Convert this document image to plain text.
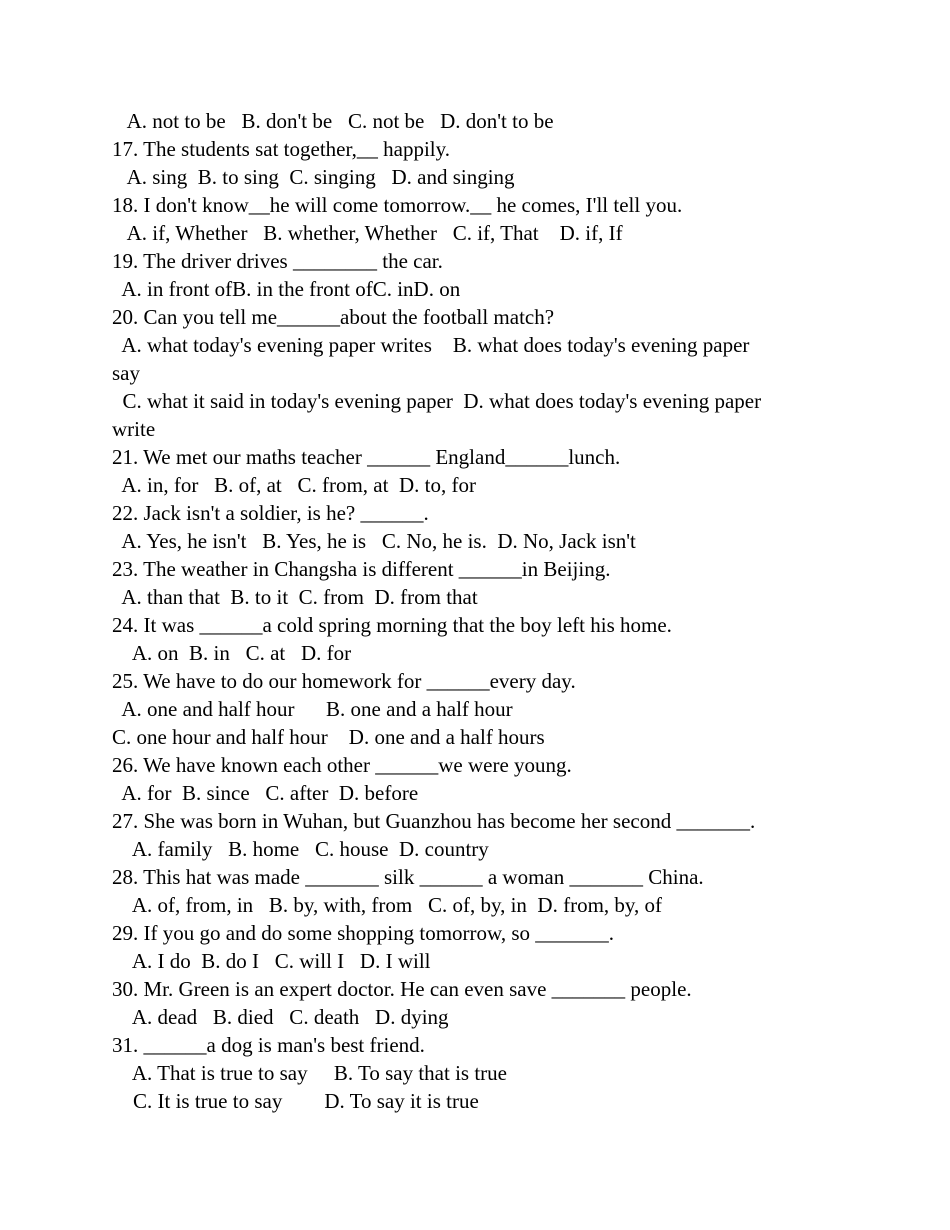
A. not to be   B. don't be   C. not be   D. don't to be
17. The students sat together,__ happily.
A. sing  B. to sing  C. singing   D. and singing
18. I don't know__he will come tomorrow.__ he comes, I'll tell you.
A. if, Whether   B. whether, Whether   C. if, That    D. if, If
19. The driver drives ________ the car.
A. in front ofB. in the front ofC. inD. on
20. Can you tell me______about the football match?
A. what today's evening paper writes    B. what does today's evening paper
say
C. what it said in today's evening paper  D. what does today's evening paper
write
21. We met our maths teacher ______ England______lunch.
A. in, for   B. of, at   C. from, at  D. to, for
22. Jack isn't a soldier, is he? ______.
A. Yes, he isn't   B. Yes, he is   C. No, he is.  D. No, Jack isn't
23. The weather in Changsha is different ______in Beijing.
A. than that  B. to it  C. from  D. from that
24. It was ______a cold spring morning that the boy left his home.
A. on  B. in   C. at   D. for
25. We have to do our homework for ______every day.
A. one and half hour      B. one and a half hour
C. one hour and half hour    D. one and a half hours
26. We have known each other ______we were young.
A. for  B. since   C. after  D. before
27. She was born in Wuhan, but Guanzhou has become her second _______.
A. family   B. home   C. house  D. country
28. This hat was made _______ silk ______ a woman _______ China.
A. of, from, in   B. by, with, from   C. of, by, in  D. from, by, of
29. If you go and do some shopping tomorrow, so _______.
A. I do  B. do I   C. will I   D. I will
30. Mr. Green is an expert doctor. He can even save _______ people.
A. dead   B. died   C. death   D. dying
31. ______a dog is man's best friend.
A. That is true to say     B. To say that is true
C. It is true to say        D. To say it is true
